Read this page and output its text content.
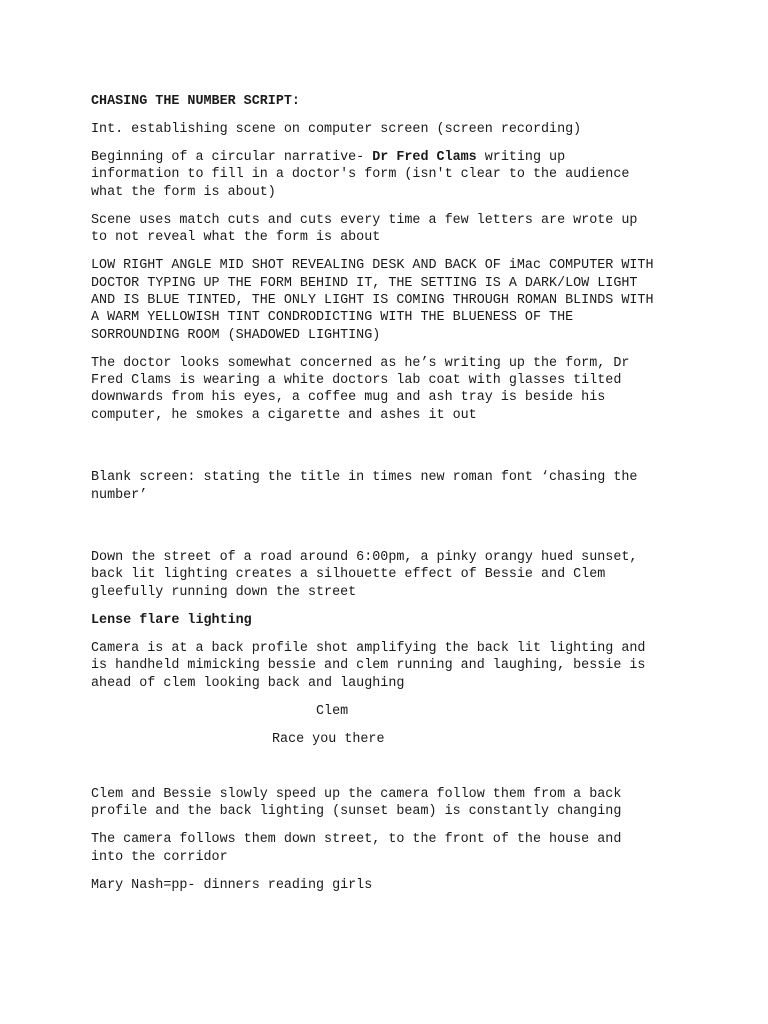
CHASING THE NUMBER SCRIPT:
Int. establishing scene on computer screen (screen recording)
Beginning of a circular narrative- Dr Fred Clams writing up
information to fill in a doctor's form (isn't clear to the audience
what the form is about)
Scene uses match cuts and cuts every time a few letters are wrote up
to not reveal what the form is about
LOW RIGHT ANGLE MID SHOT REVEALING DESK AND BACK OF iMac COMPUTER WITH
DOCTOR TYPING UP THE FORM BEHIND IT, THE SETTING IS A DARK/LOW LIGHT
AND IS BLUE TINTED, THE ONLY LIGHT IS COMING THROUGH ROMAN BLINDS WITH
A WARM YELLOWISH TINT CONDRODICTING WITH THE BLUENESS OF THE
SORROUNDING ROOM (SHADOWED LIGHTING)
The doctor looks somewhat concerned as he’s writing up the form, Dr
Fred Clams is wearing a white doctors lab coat with glasses tilted
downwards from his eyes, a coffee mug and ash tray is beside his
computer, he smokes a cigarette and ashes it out
Blank screen: stating the title in times new roman font ‘chasing the
number’
Down the street of a road around 6:00pm, a pinky orangy hued sunset,
back lit lighting creates a silhouette effect of Bessie and Clem
gleefully running down the street
Lense flare lighting
Camera is at a back profile shot amplifying the back lit lighting and
is handheld mimicking bessie and clem running and laughing, bessie is
ahead of clem looking back and laughing
Clem
Race you there
Clem and Bessie slowly speed up the camera follow them from a back
profile and the back lighting (sunset beam) is constantly changing
The camera follows them down street, to the front of the house and
into the corridor
Mary Nash=pp- dinners reading girls
